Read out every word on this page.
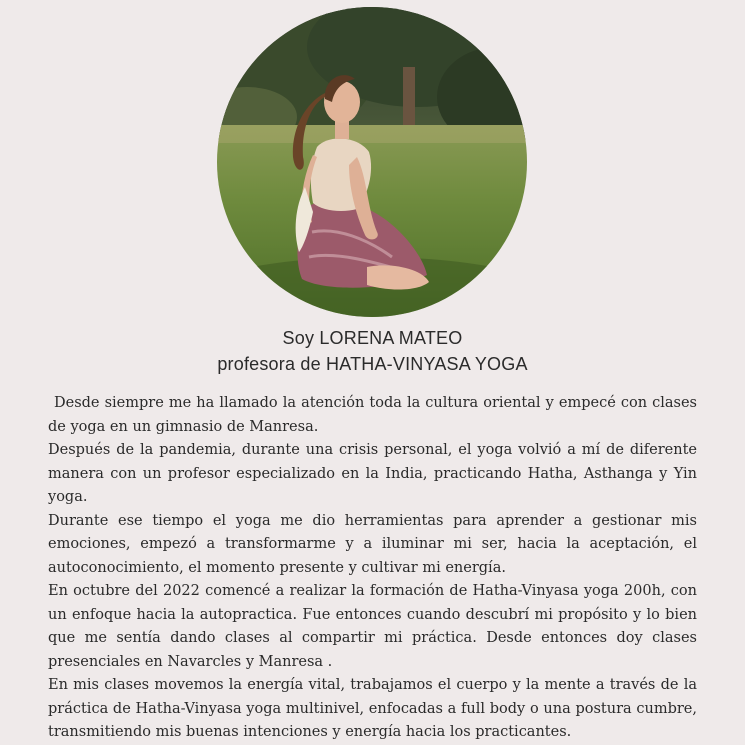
Soy LORENA MATEO
profesora de HATHA-VINYASA YOGA

Desde siempre me ha llamado la atención toda la cultura oriental y empecé con clases de yoga en un gimnasio de Manresa.

Después de la pandemia, durante una crisis personal, el yoga volvió a mí de diferente manera con un profesor especializado en la India, practicando Hatha, Asthanga y Yin yoga.

Durante ese tiempo el yoga me dio herramientas para aprender a gestionar mis emociones, empezó a transformarme y a iluminar mi ser, hacia la aceptación, el autoconocimiento, el momento presente y cultivar mi energía.

En octubre del 2022 comencé a realizar la formación de Hatha-Vinyasa yoga 200h, con un enfoque hacia la autopractica. Fue entonces cuando descubrí mi propósito y lo bien que me sentía dando clases al compartir mi práctica. Desde entonces doy clases presenciales en Navarcles y Manresa .

En mis clases movemos la energía vital, trabajamos el cuerpo y la mente a través de la práctica de Hatha-Vinyasa yoga multinivel, enfocadas a full body o una postura cumbre, transmitiendo mis buenas intenciones y energía hacia los practicantes.
